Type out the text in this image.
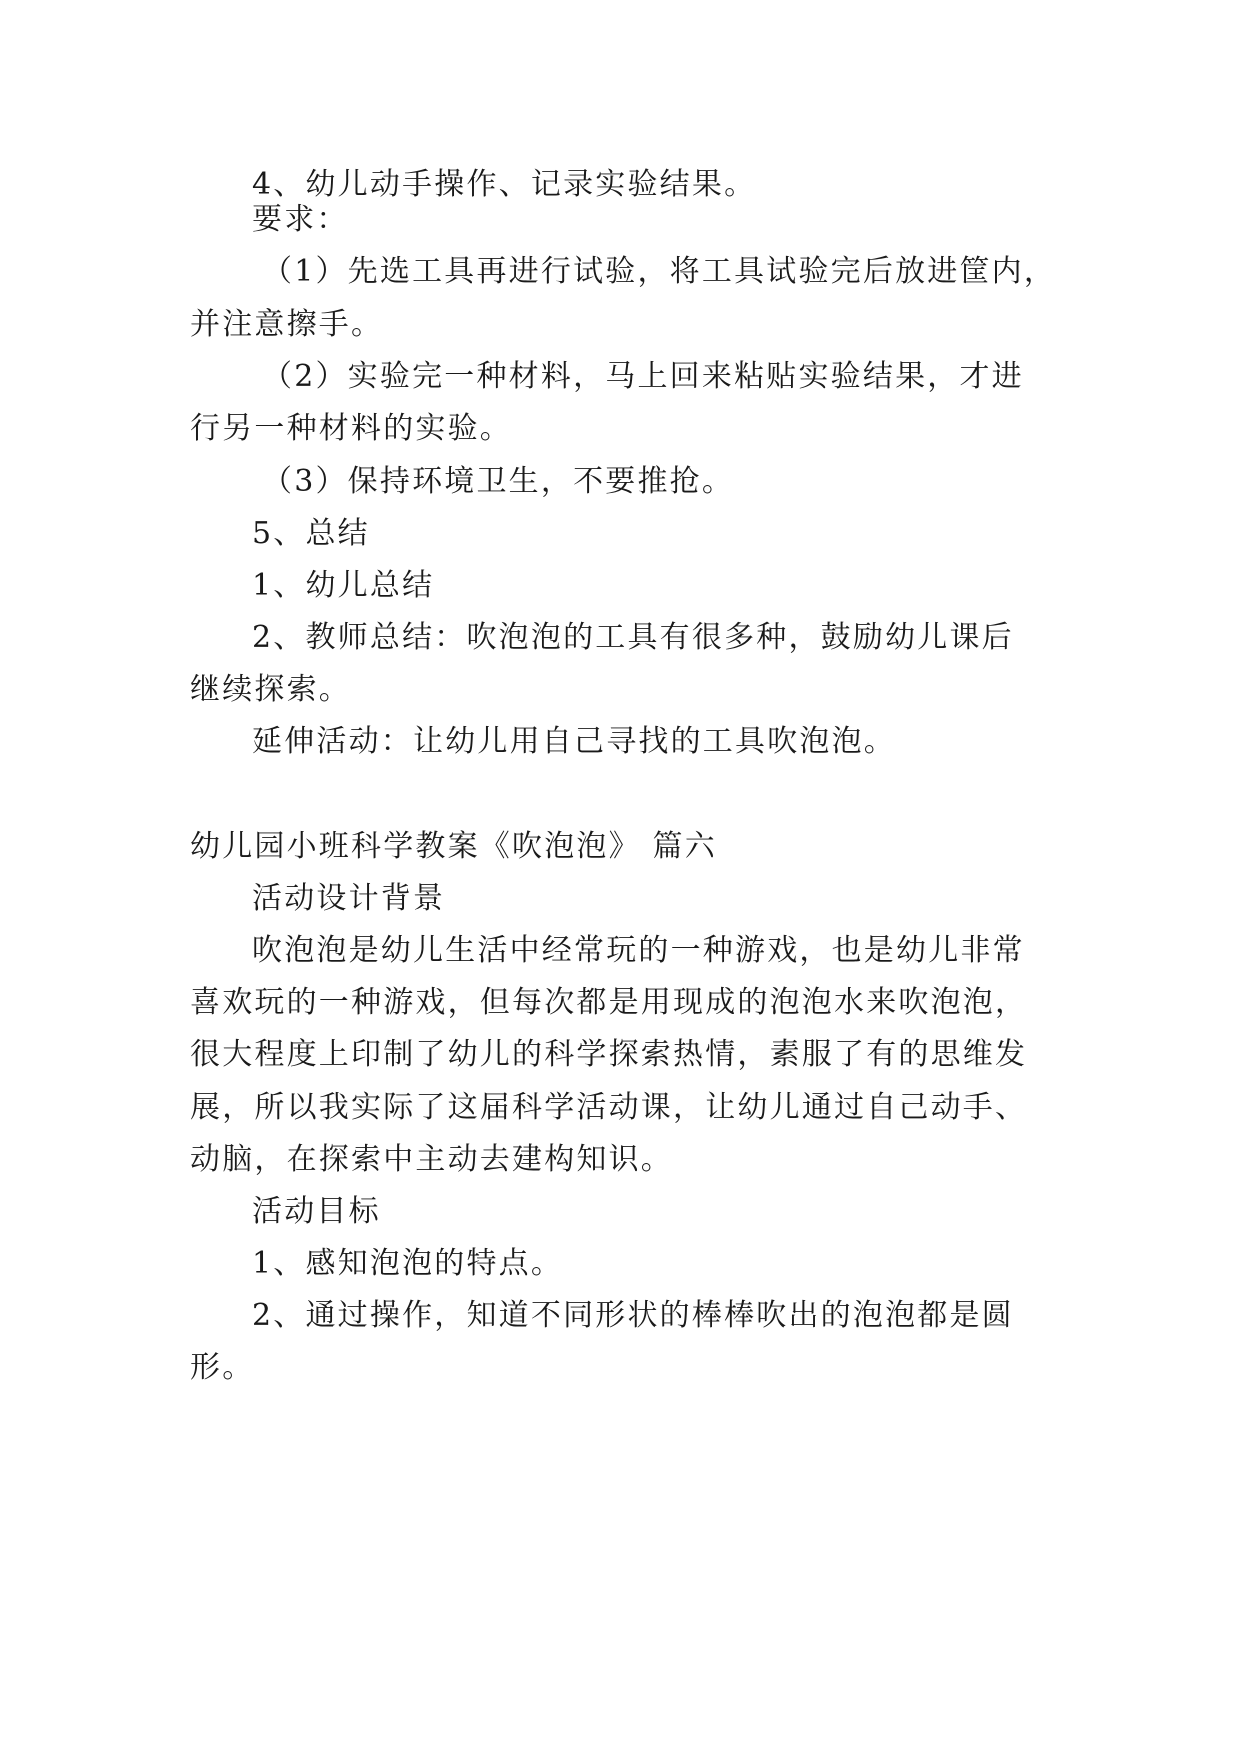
4、幼儿动手操作、记录实验结果。
要求：
（1）先选工具再进行试验，将工具试验完后放进筐内，
并注意擦手。
（2）实验完一种材料，马上回来粘贴实验结果，才进
行另一种材料的实验。
（3）保持环境卫生，不要推抢。
5、总结
1、幼儿总结
2、教师总结：吹泡泡的工具有很多种，鼓励幼儿课后
继续探索。
延伸活动：让幼儿用自己寻找的工具吹泡泡。
幼儿园小班科学教案《吹泡泡》 篇六
活动设计背景
吹泡泡是幼儿生活中经常玩的一种游戏，也是幼儿非常
喜欢玩的一种游戏，但每次都是用现成的泡泡水来吹泡泡，
很大程度上印制了幼儿的科学探索热情，素服了有的思维发
展，所以我实际了这届科学活动课，让幼儿通过自己动手、
动脑，在探索中主动去建构知识。
活动目标
1、感知泡泡的特点。
2、通过操作，知道不同形状的棒棒吹出的泡泡都是圆
形。
